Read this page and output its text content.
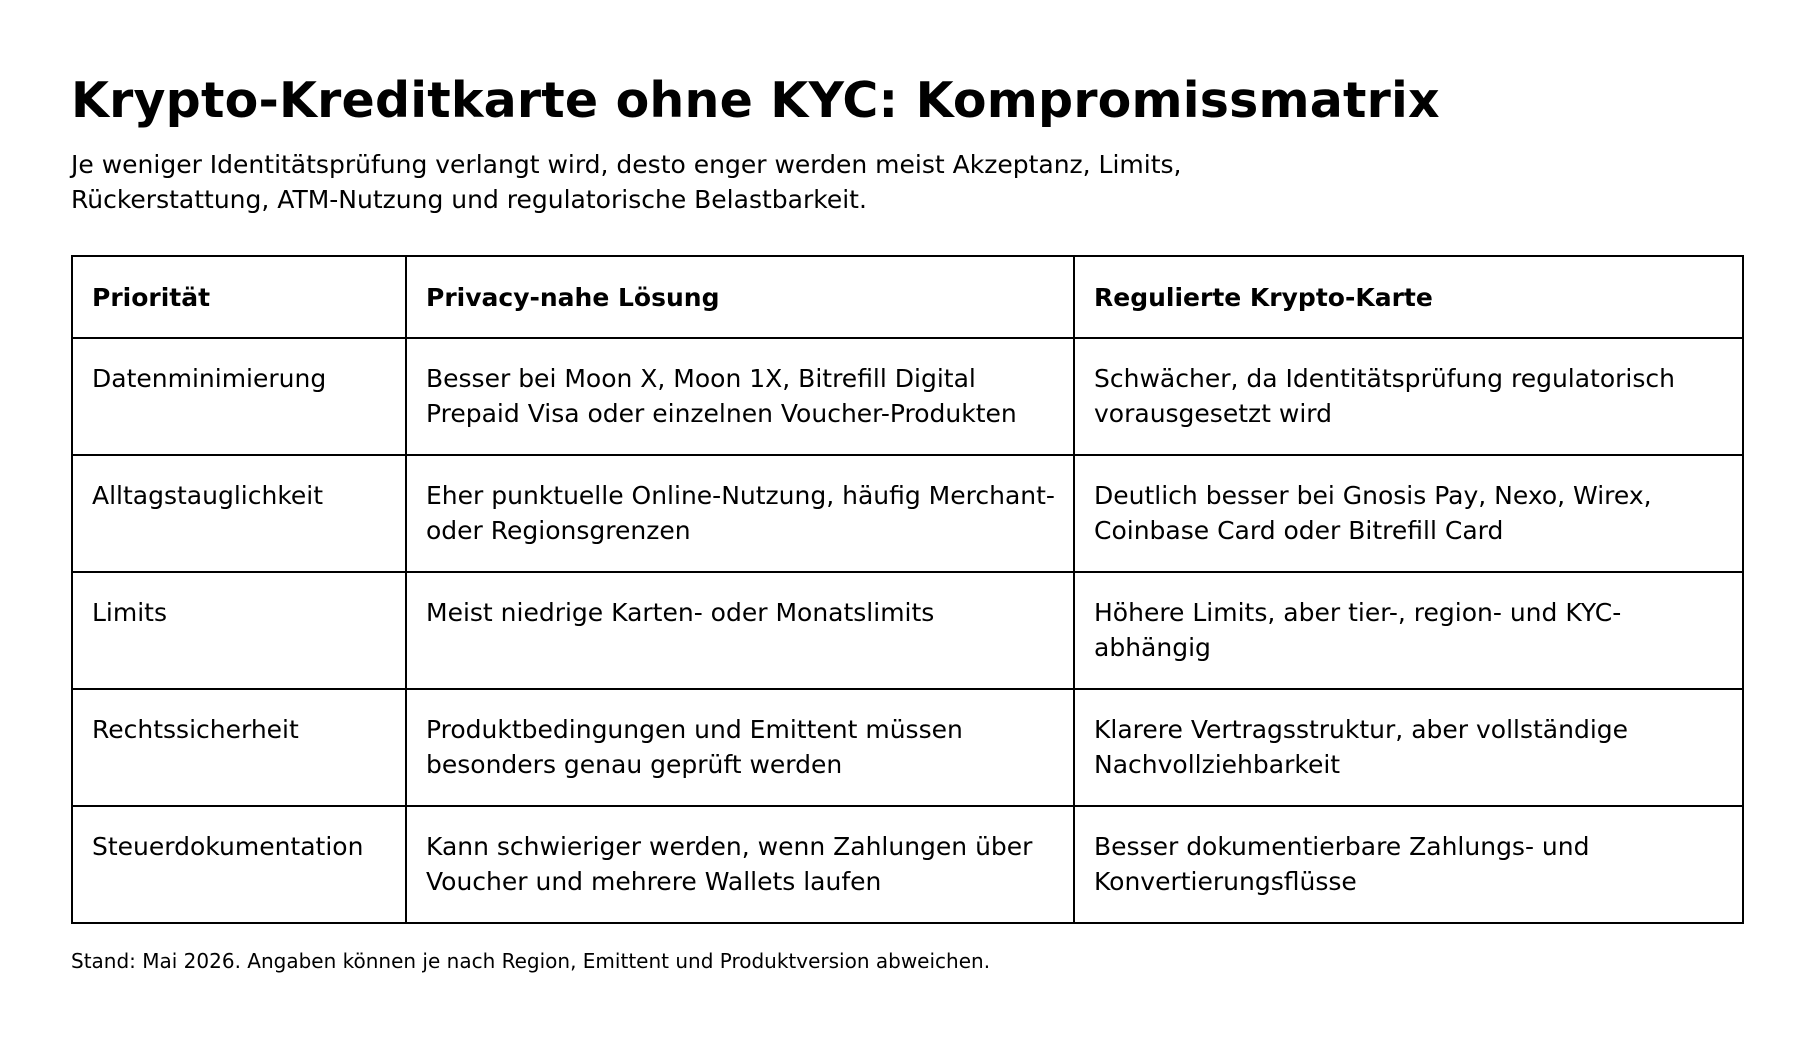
Krypto-Kreditkarte ohne KYC: Kompromissmatrix

Je weniger Identitätsprüfung verlangt wird, desto enger werden meist Akzeptanz, Limits, Rückerstattung, ATM-Nutzung und regulatorische Belastbarkeit.

Priorität	Privacy-nahe Lösung	Regulierte Krypto-Karte
Datenminimierung	Besser bei Moon X, Moon 1X, Bitrefill Digital Prepaid Visa oder einzelnen Voucher-Produkten	Schwächer, da Identitätsprüfung regulatorisch vorausgesetzt wird
Alltagstauglichkeit	Eher punktuelle Online-Nutzung, häufig Merchant- oder Regionsgrenzen	Deutlich besser bei Gnosis Pay, Nexo, Wirex, Coinbase Card oder Bitrefill Card
Limits	Meist niedrige Karten- oder Monatslimits	Höhere Limits, aber tier-, region- und KYC-abhängig
Rechtssicherheit	Produktbedingungen und Emittent müssen besonders genau geprüft werden	Klarere Vertragsstruktur, aber vollständige Nachvollziehbarkeit
Steuerdokumentation	Kann schwieriger werden, wenn Zahlungen über Voucher und mehrere Wallets laufen	Besser dokumentierbare Zahlungs- und Konvertierungsflüsse

Stand: Mai 2026. Angaben können je nach Region, Emittent und Produktversion abweichen.
